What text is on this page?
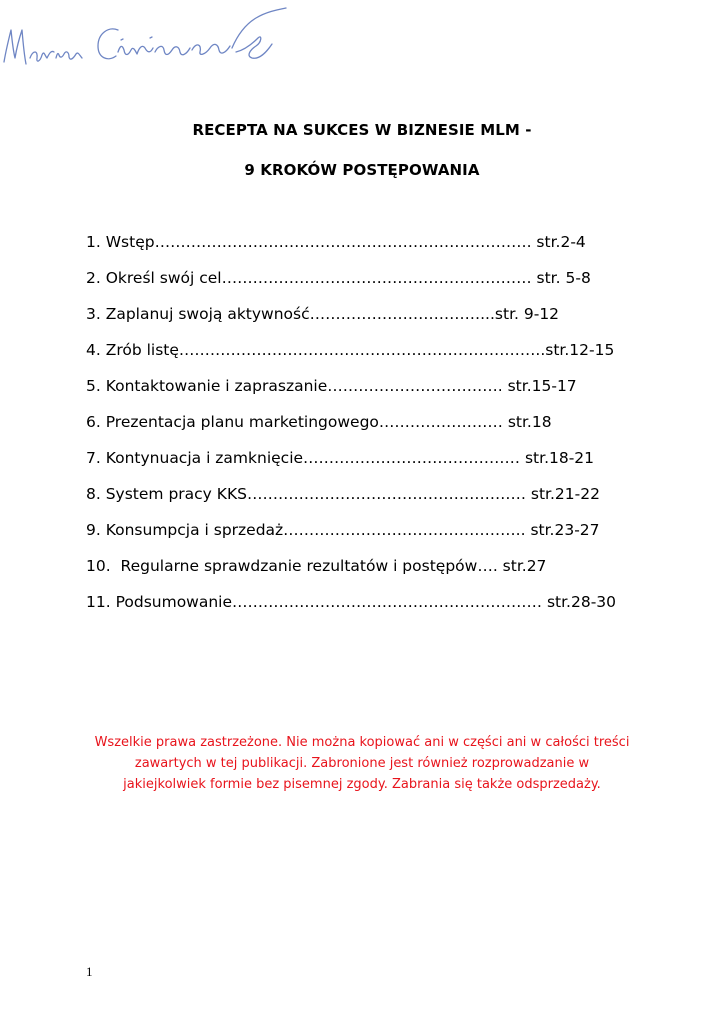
RECEPTA NA SUKCES W BIZNESIE MLM -
9 KROKÓW POSTĘPOWANIA
1. Wstęp………………………………………………………………. str.2-4
2. Określ swój cel…………………………………………………… str. 5-8
3. Zaplanuj swoją aktywność……………………………...str. 9-12
4. Zrób listę……………………………………………………………..str.12-15
5. Kontaktowanie i zapraszanie……………………………. str.15-17
6. Prezentacja planu marketingowego…………………… str.18
7. Kontynuacja i zamknięcie…………………………………… str.18-21
8. System pracy KKS……………………………………………… str.21-22
9. Konsumpcja i sprzedaż……………………………………….. str.23-27
10.  Regularne sprawdzanie rezultatów i postępów…. str.27
11. Podsumowanie…………………………………………………… str.28-30
Wszelkie prawa zastrzeżone. Nie można kopiować ani w części ani w całości treści
zawartych w tej publikacji. Zabronione jest również rozprowadzanie w
jakiejkolwiek formie bez pisemnej zgody. Zabrania się także odsprzedaży.
1
